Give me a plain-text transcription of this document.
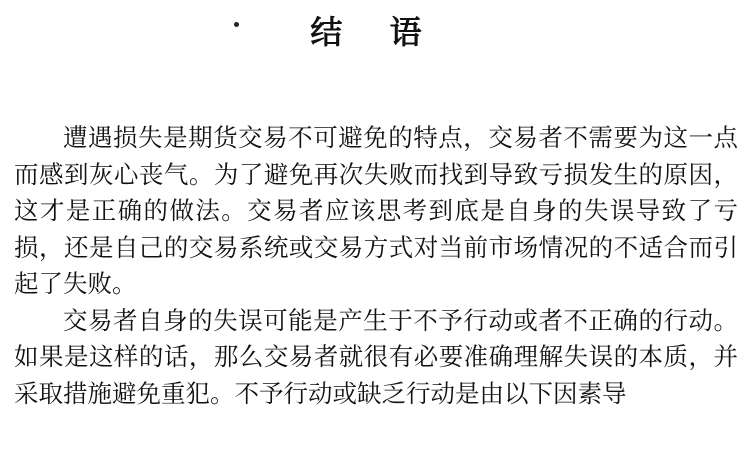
结 语

遭遇损失是期货交易不可避免的特点，交易者不需要为这一点而感到灰心丧气。为了避免再次失败而找到导致亏损发生的原因，这才是正确的做法。交易者应该思考到底是自身的失误导致了亏损，还是自己的交易系统或交易方式对当前市场情况的不适合而引起了失败。

交易者自身的失误可能是产生于不予行动或者不正确的行动。如果是这样的话，那么交易者就很有必要准确理解失误的本质，并采取措施避免重犯。不予行动或缺乏行动是由以下因素导
